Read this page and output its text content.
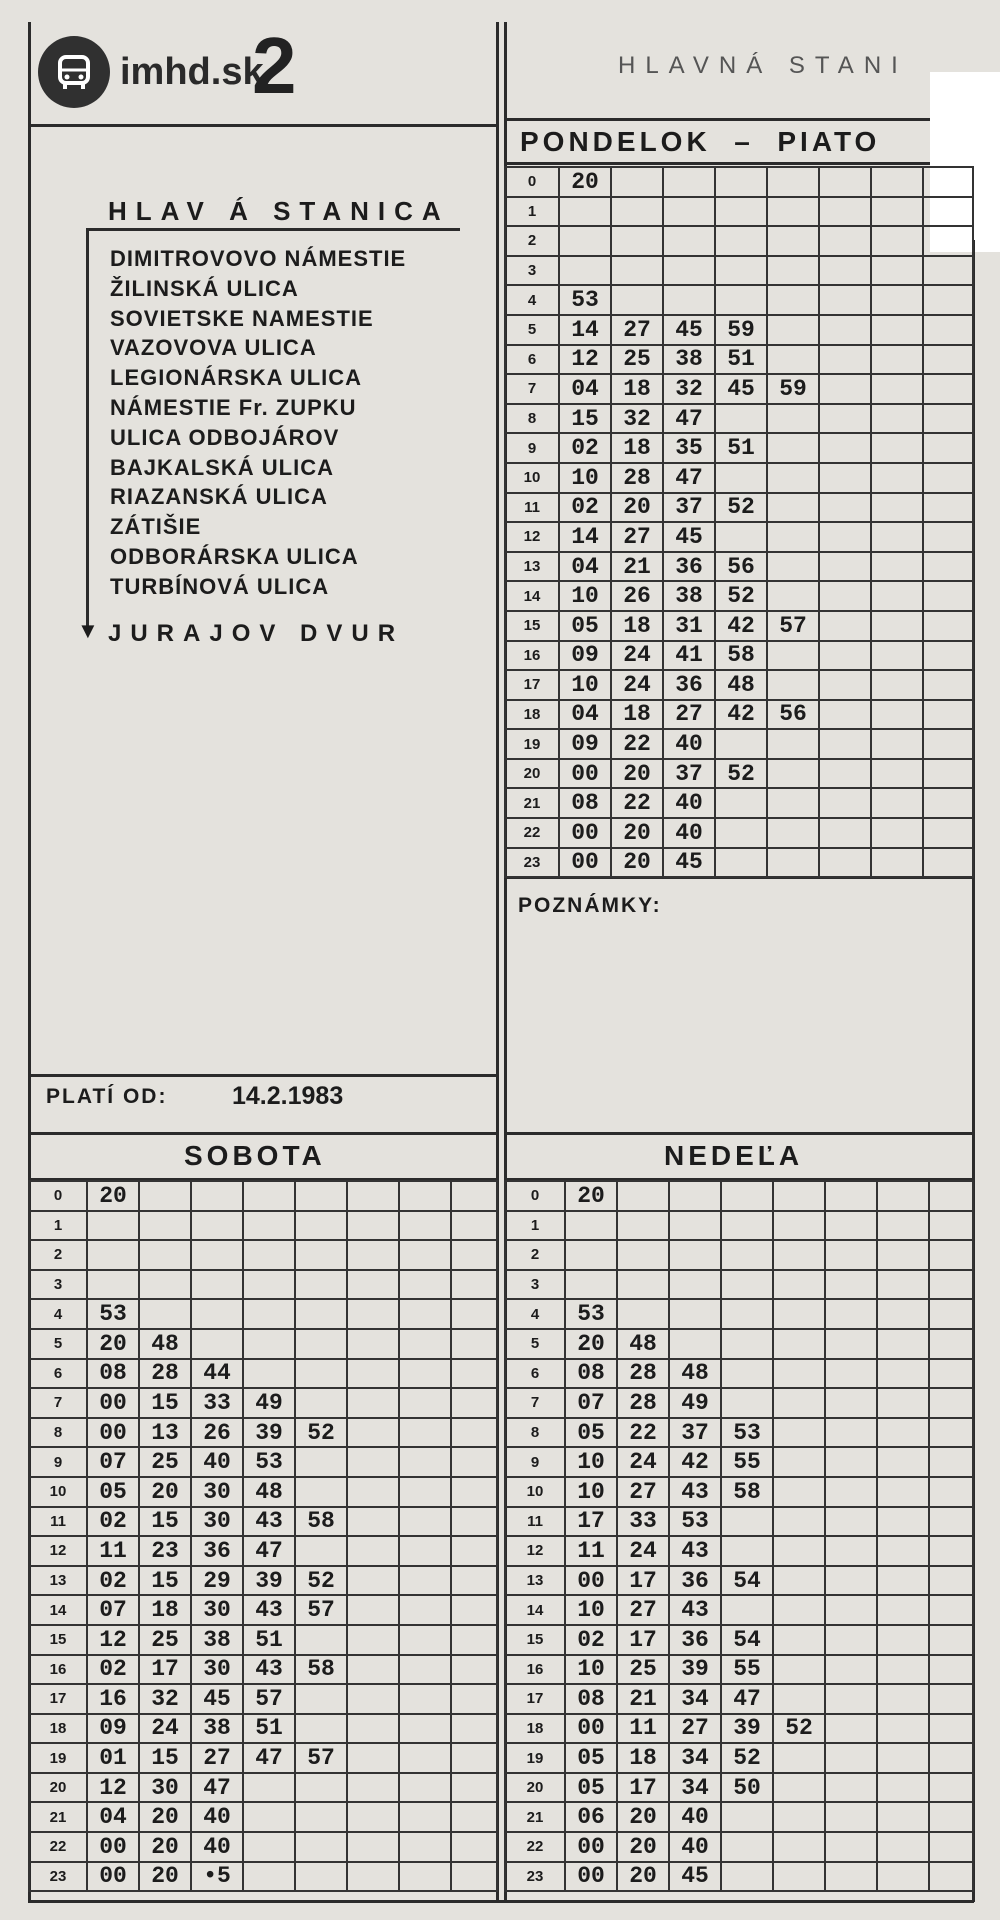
imhd.sk
2	HLAVNÁ STANI
HLAV Á STANICA
▼
DIMITROVOVO NÁMESTIE
ŽILINSKÁ ULICA
SOVIETSKE NAMESTIE
VAZOVOVA ULICA
LEGIONÁRSKA ULICA
NÁMESTIE Fr. ZUPKU
ULICA ODBOJÁROV
BAJKALSKÁ ULICA
RIAZANSKÁ ULICA
ZÁTIŠIE
ODBORÁRSKA ULICA
TURBÍNOVÁ ULICA
JURAJOV DVUR
PLATÍ OD:	14.2.1983
POZNÁMKY:
PONDELOK  –  PIATO
SOBOTA	NEDEĽA
0	20							
1								
2								
3								
4	53							
5	14	27	45	59				
6	12	25	38	51				
7	04	18	32	45	59			
8	15	32	47					
9	02	18	35	51				
10	10	28	47					
11	02	20	37	52				
12	14	27	45					
13	04	21	36	56				
14	10	26	38	52				
15	05	18	31	42	57			
16	09	24	41	58				
17	10	24	36	48				
18	04	18	27	42	56			
19	09	22	40					
20	00	20	37	52				
21	08	22	40					
22	00	20	40					
23	00	20	45					
0	20							
1								
2								
3								
4	53							
5	20	48						
6	08	28	44					
7	00	15	33	49				
8	00	13	26	39	52			
9	07	25	40	53				
10	05	20	30	48				
11	02	15	30	43	58			
12	11	23	36	47				
13	02	15	29	39	52			
14	07	18	30	43	57			
15	12	25	38	51				
16	02	17	30	43	58			
17	16	32	45	57				
18	09	24	38	51				
19	01	15	27	47	57			
20	12	30	47					
21	04	20	40					
22	00	20	40					
23	00	20	•5					
0	20							
1								
2								
3								
4	53							
5	20	48						
6	08	28	48					
7	07	28	49					
8	05	22	37	53				
9	10	24	42	55				
10	10	27	43	58				
11	17	33	53					
12	11	24	43					
13	00	17	36	54				
14	10	27	43					
15	02	17	36	54				
16	10	25	39	55				
17	08	21	34	47				
18	00	11	27	39	52			
19	05	18	34	52				
20	05	17	34	50				
21	06	20	40					
22	00	20	40					
23	00	20	45					
